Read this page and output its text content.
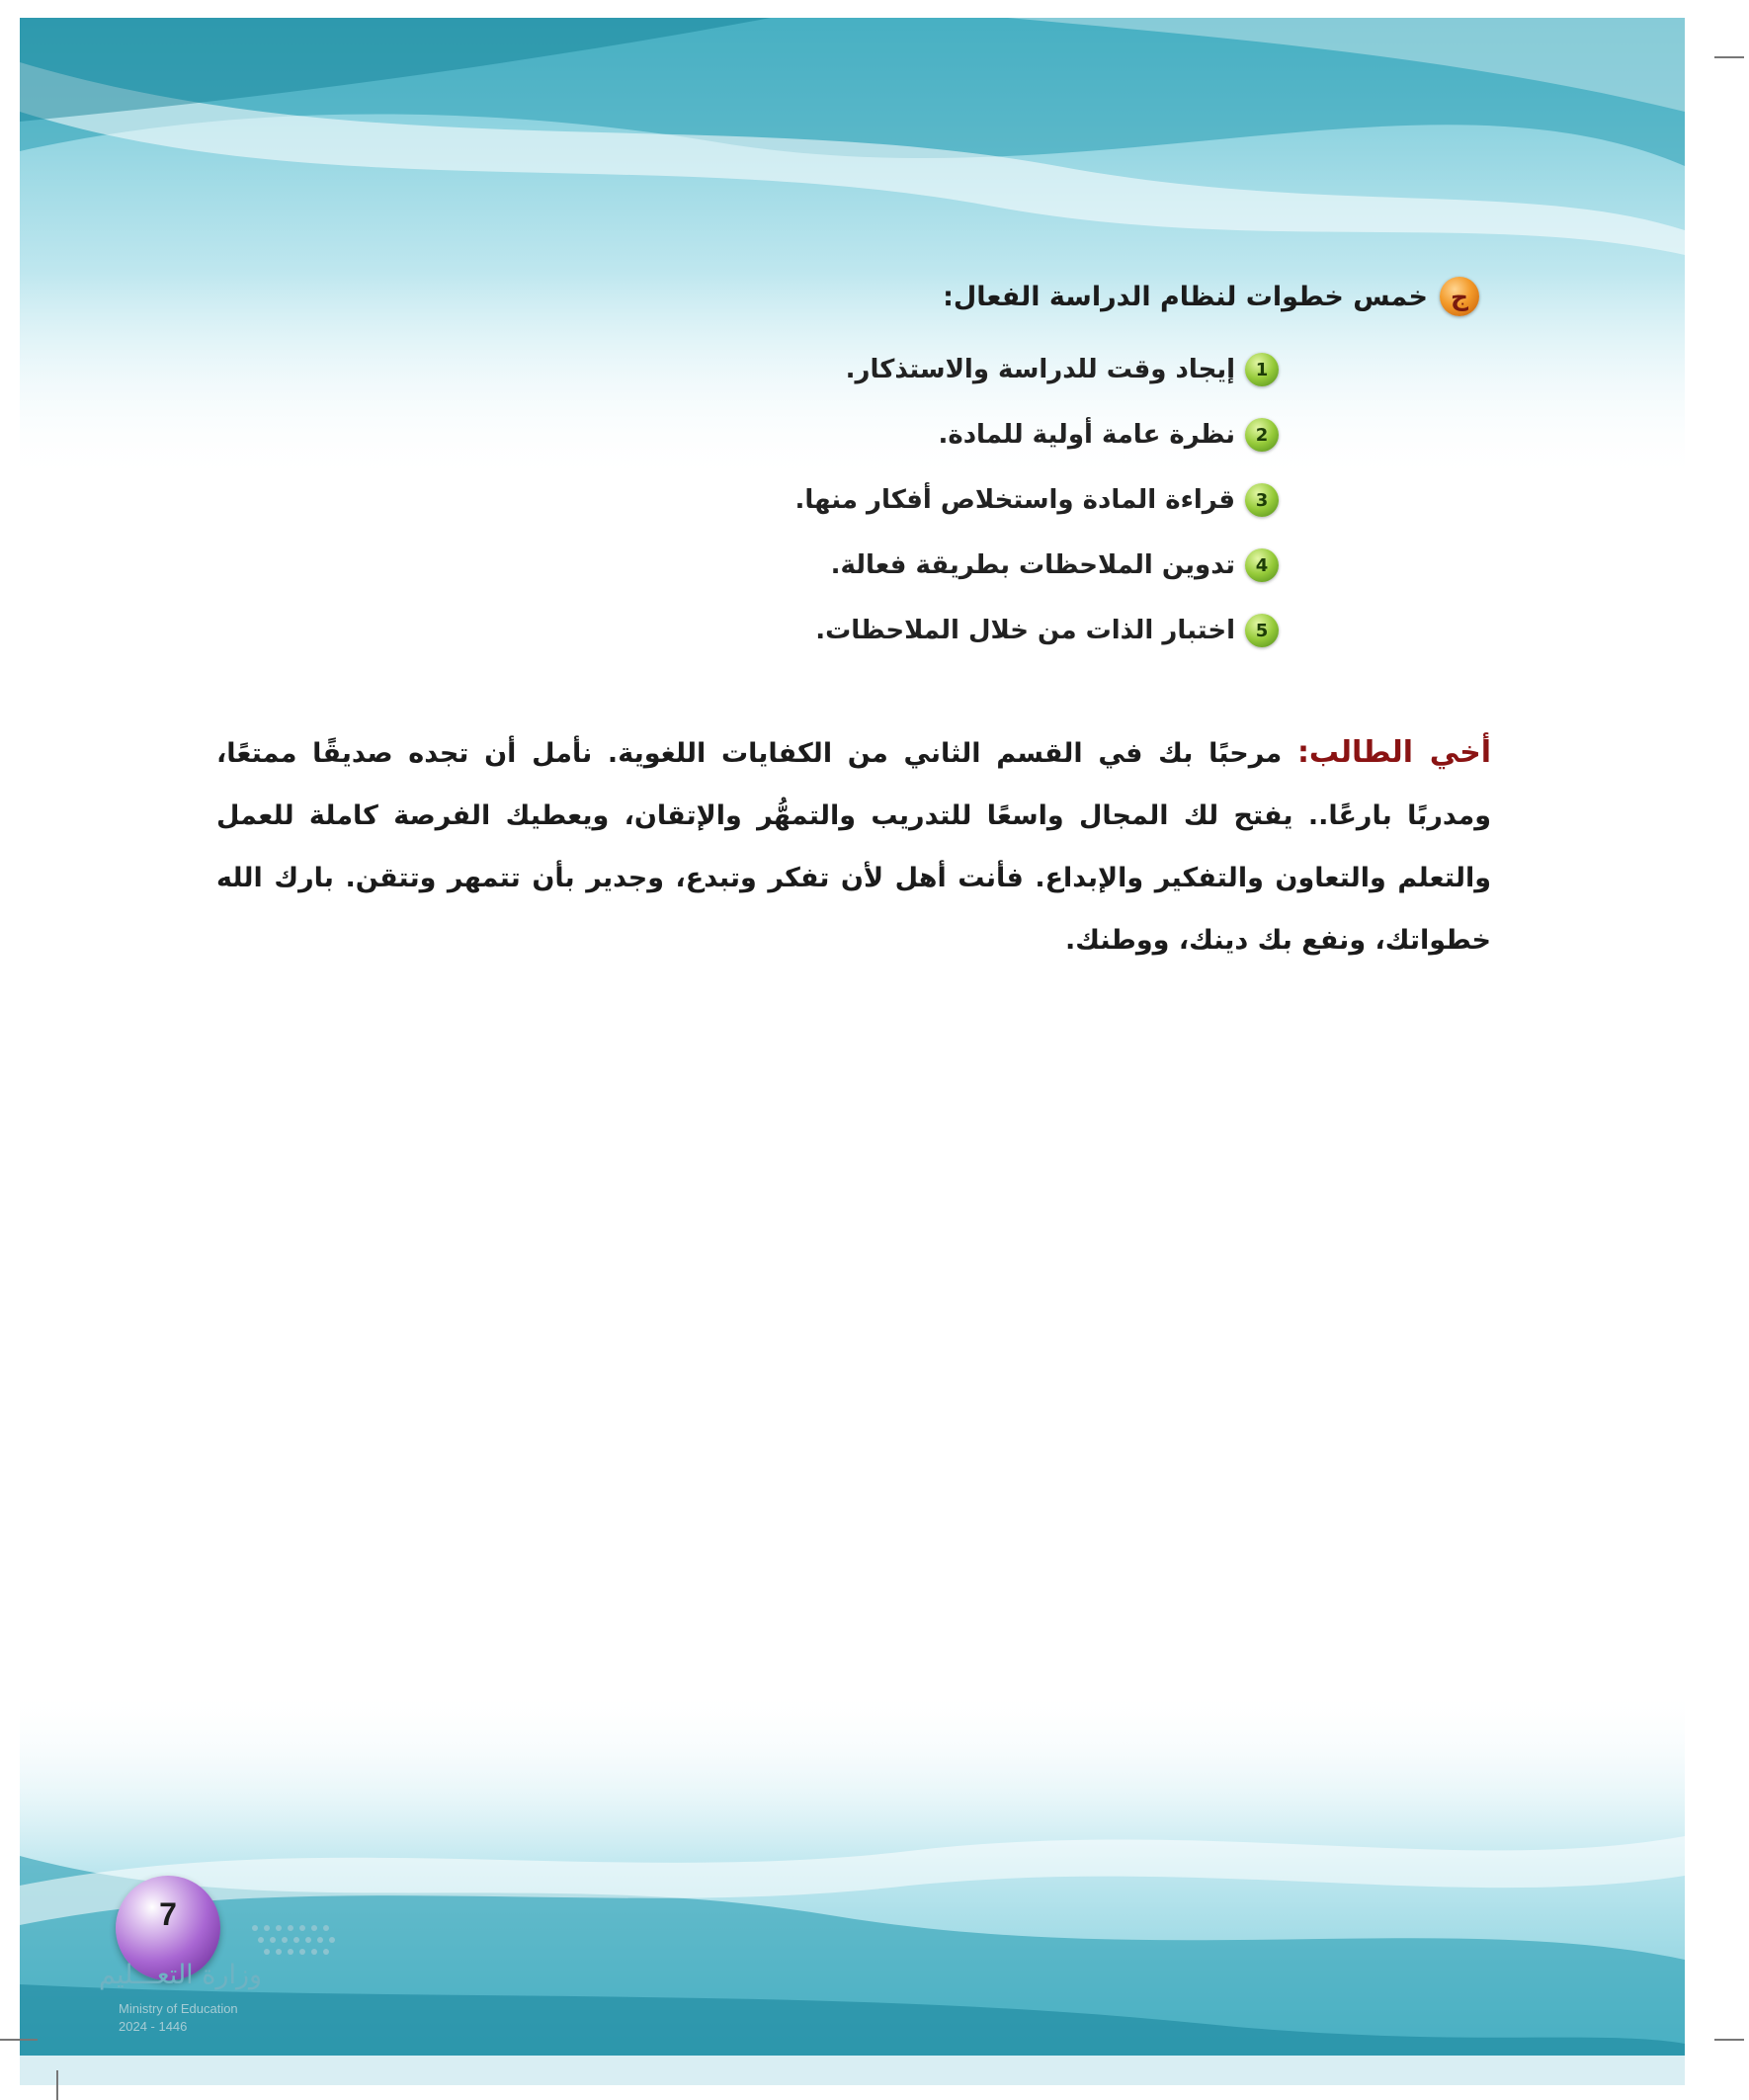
ج
خمس خطوات لنظام الدراسة الفعال:
1
إيجاد وقت للدراسة والاستذكار.
2
نظرة عامة أولية للمادة.
3
قراءة المادة واستخلاص أفكار منها.
4
تدوين الملاحظات بطريقة فعالة.
5
اختبار الذات من خلال الملاحظات.

أخي الطالب: مرحبًا بك في القسم الثاني من الكفايات اللغوية. نأمل أن تجده صديقًا ممتعًا، ومدربًا بارعًا.. يفتح لك المجال واسعًا للتدريب والتمهُّر والإتقان، ويعطيك الفرصة كاملة للعمل والتعلم والتعاون والتفكير والإبداع. فأنت أهل لأن تفكر وتبدع، وجدير بأن تتمهر وتتقن. بارك الله خطواتك، ونفع بك دينك، ووطنك.

7
وزارة التعـــليم
Ministry of Education
2024 - 1446
